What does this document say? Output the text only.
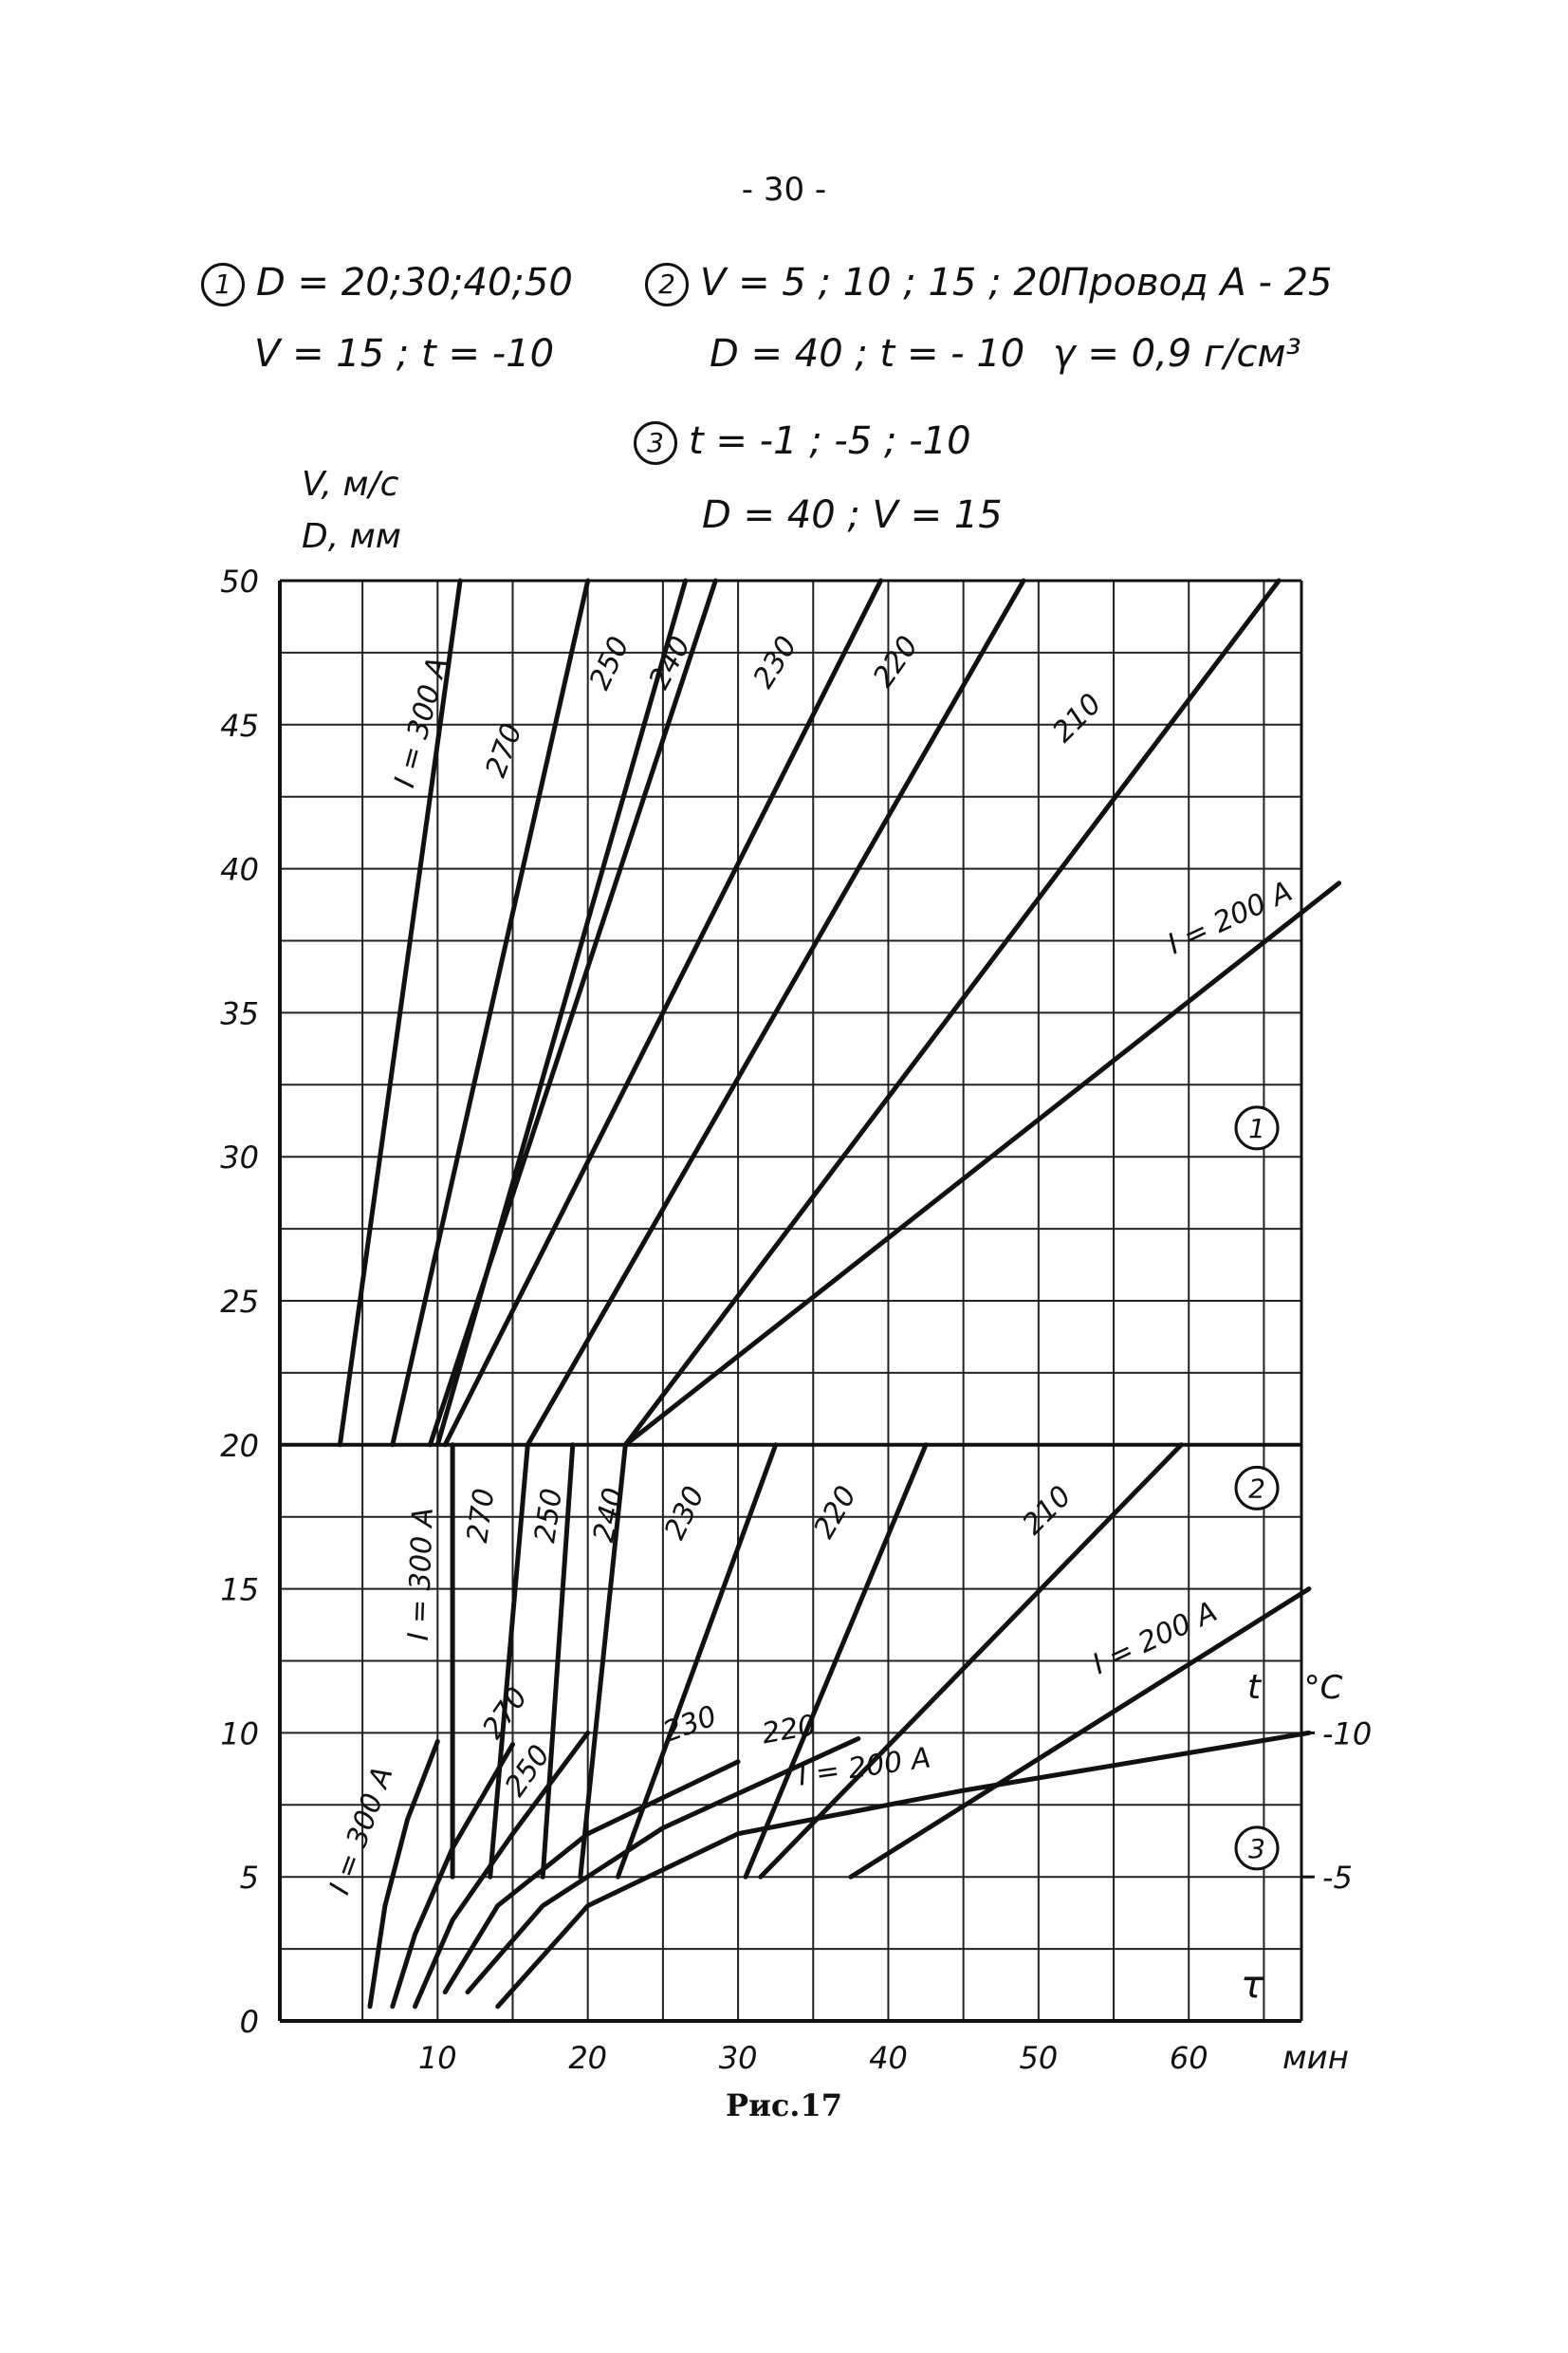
- 30 -
1 D = 20;30;40;50
V = 15 ; t = -10
2 V = 5 ; 10 ; 15 ; 20
D = 40 ; t = - 10
Провод А - 25
γ = 0,9 г/см³
3 t = -1 ; -5 ; -10
D = 40 ; V = 15
V, м/с
D, мм
I = 300 A 270
250 240 230 220
210
I = 200 A
I = 300 A 270 250 240 230	220	210
I = 200 A
I = 300 A
270
250
230 220
I = 200 A
0
5
10
15
20
25
30
35
40
45
50
10	20	30	40	50	60 мин
1
2
3
t °C
-10
-5
τ
Рис.17
